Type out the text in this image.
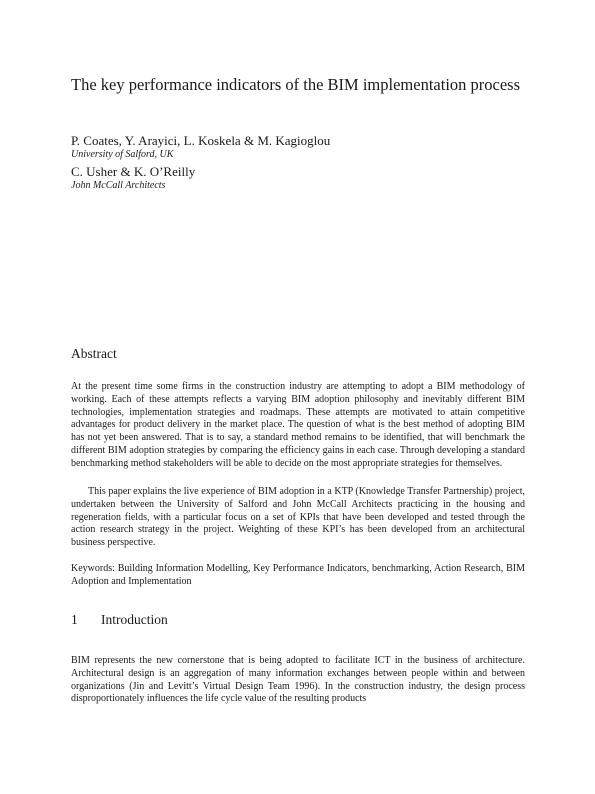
The key performance indicators of the BIM implementation process
P. Coates, Y. Arayici, L. Koskela & M. Kagioglou
University of Salford, UK
C. Usher & K. O’Reilly
John McCall Architects
Abstract

At the present time some firms in the construction industry are attempting to adopt a BIM methodology of working. Each of these attempts reflects a varying BIM adoption philosophy and inevitably different BIM technologies, implementation strategies and roadmaps. These attempts are motivated to attain competitive advantages for product delivery in the market place. The question of what is the best method of adopting BIM has not yet been answered. That is to say, a standard method remains to be identified, that will benchmark the different BIM adoption strategies by comparing the efficiency gains in each case. Through developing a standard benchmarking method stakeholders will be able to decide on the most appropriate strategies for themselves.

This paper explains the live experience of BIM adoption in a KTP (Knowledge Transfer Partnership) project, undertaken between the University of Salford and John McCall Architects practicing in the housing and regeneration fields, with a particular focus on a set of KPIs that have been developed and tested through the action research strategy in the project. Weighting of these KPI’s has been developed from an architectural business perspective.

Keywords: Building Information Modelling, Key Performance Indicators, benchmarking, Action Research, BIM Adoption and Implementation

1 Introduction

BIM represents the new cornerstone that is being adopted to facilitate ICT in the business of architecture. Architectural design is an aggregation of many information exchanges between people within and between organizations (Jin and Levitt’s Virtual Design Team 1996). In the construction industry, the design process disproportionately influences the life cycle value of the resulting products
